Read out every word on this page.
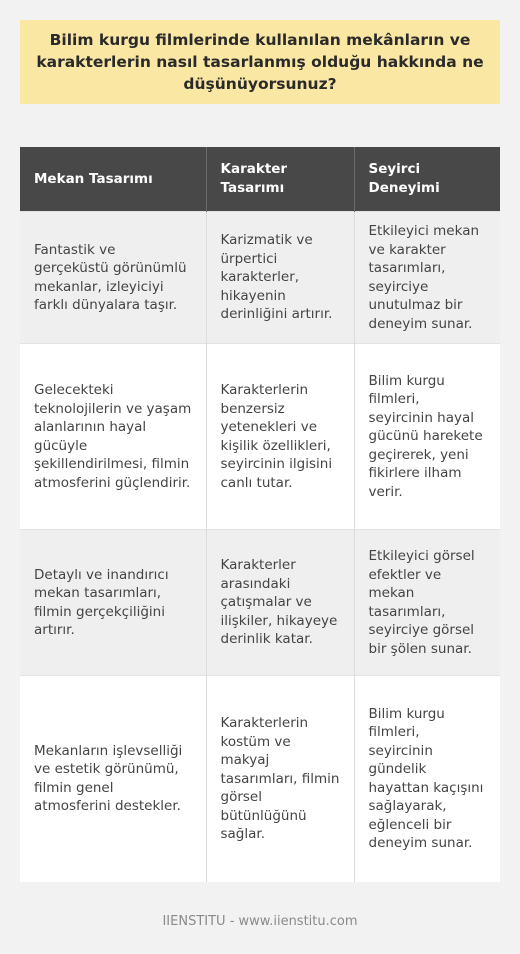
Bilim kurgu filmlerinde kullanılan mekânların ve karakterlerin nasıl tasarlanmış olduğu hakkında ne düşünüyorsunuz?

Mekan Tasarımı	Karakter Tasarımı	Seyirci Deneyimi
Fantastik ve gerçeküstü görünümlü mekanlar, izleyiciyi farklı dünyalara taşır.	Karizmatik ve ürpertici karakterler, hikayenin derinliğini artırır.	Etkileyici mekan ve karakter tasarımları, seyirciye unutulmaz bir deneyim sunar.
Gelecekteki teknolojilerin ve yaşam alanlarının hayal gücüyle şekillendirilmesi, filmin atmosferini güçlendirir.	Karakterlerin benzersiz yetenekleri ve kişilik özellikleri, seyircinin ilgisini canlı tutar.	Bilim kurgu filmleri, seyircinin hayal gücünü harekete geçirerek, yeni fikirlere ilham verir.
Detaylı ve inandırıcı mekan tasarımları, filmin gerçekçiliğini artırır.	Karakterler arasındaki çatışmalar ve ilişkiler, hikayeye derinlik katar.	Etkileyici görsel efektler ve mekan tasarımları, seyirciye görsel bir şölen sunar.
Mekanların işlevselliği ve estetik görünümü, filmin genel atmosferini destekler.	Karakterlerin kostüm ve makyaj tasarımları, filmin görsel bütünlüğünü sağlar.	Bilim kurgu filmleri, seyircinin gündelik hayattan kaçışını sağlayarak, eğlenceli bir deneyim sunar.

IIENSTITU - www.iienstitu.com
